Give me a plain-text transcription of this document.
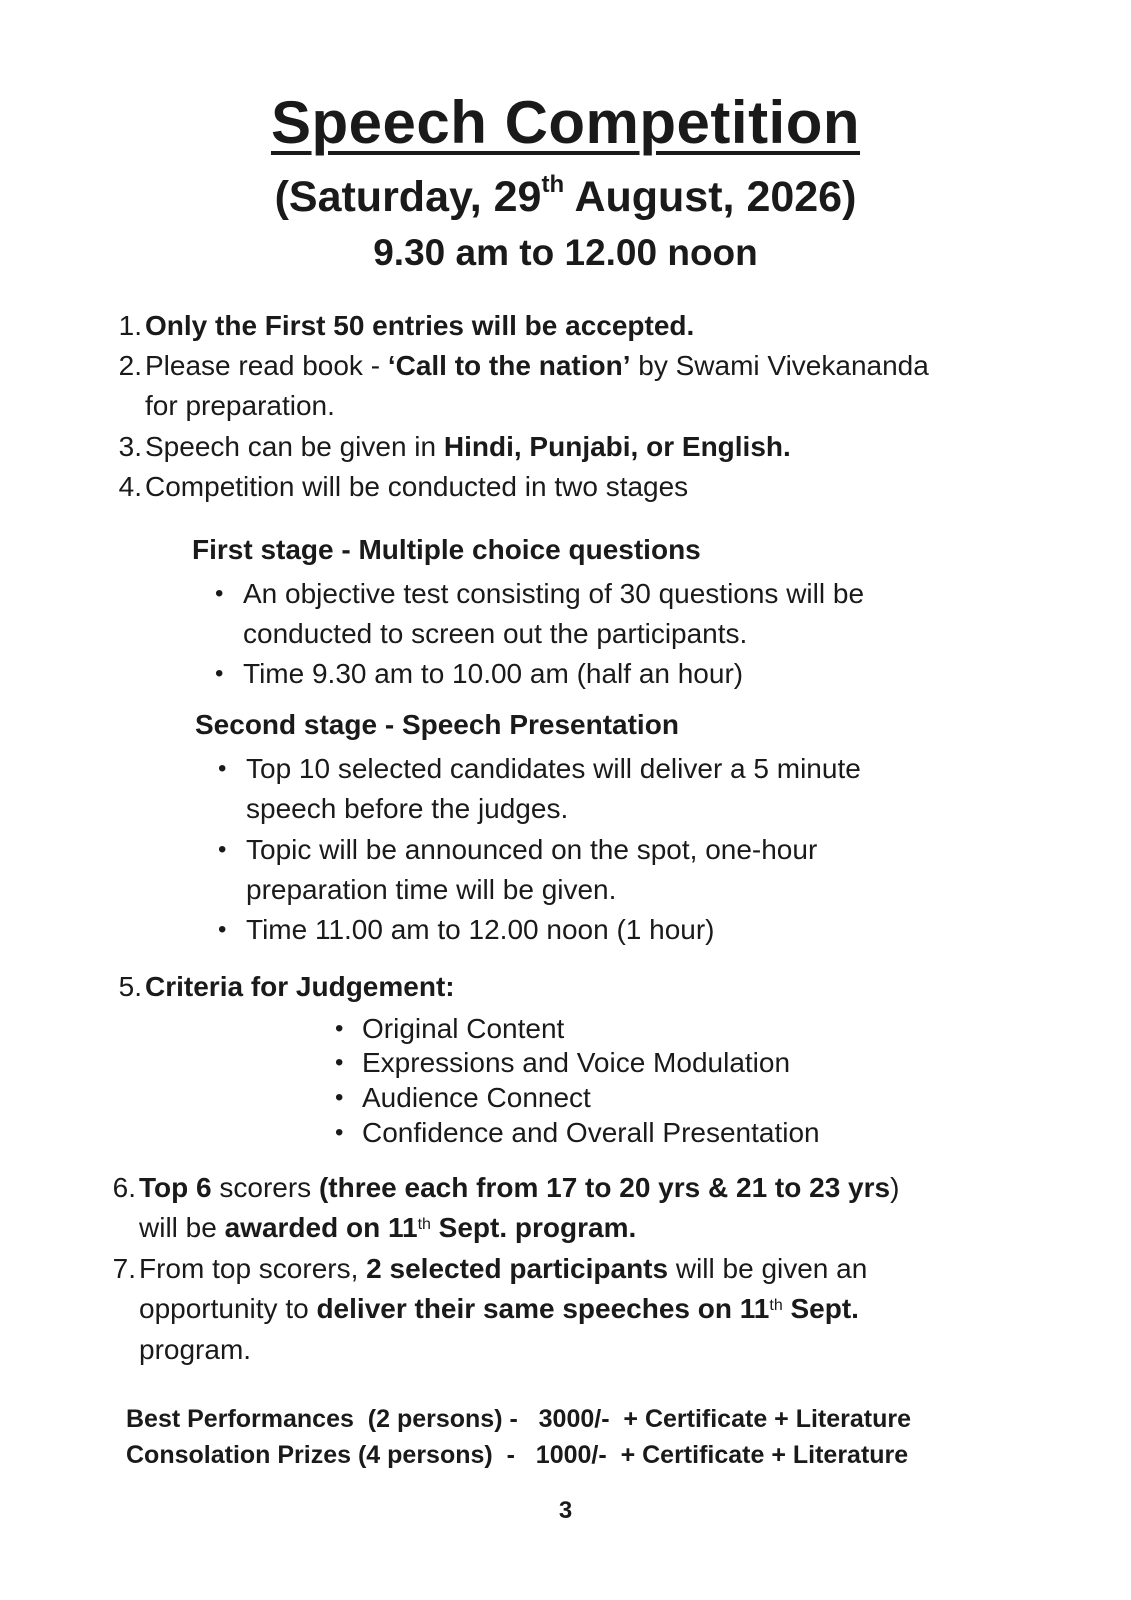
Speech Competition
(Saturday, 29th August, 2026)
9.30 am to 12.00 noon
1. Only the First 50 entries will be accepted.
2. Please read book - ‘Call to the nation’ by Swami Vivekananda
for preparation.
3. Speech can be given in Hindi, Punjabi, or English.
4. Competition will be conducted in two stages
First stage - Multiple choice questions
• An objective test consisting of 30 questions will be
conducted to screen out the participants.
• Time 9.30 am to 10.00 am (half an hour)
Second stage - Speech Presentation
• Top 10 selected candidates will deliver a 5 minute
speech before the judges.
• Topic will be announced on the spot, one-hour
preparation time will be given.
• Time 11.00 am to 12.00 noon (1 hour)
5. Criteria for Judgement:
• Original Content
• Expressions and Voice Modulation
• Audience Connect
• Confidence and Overall Presentation
6. Top 6 scorers (three each from 17 to 20 yrs & 21 to 23 yrs)
will be awarded on 11th Sept. program.
7. From top scorers, 2 selected participants will be given an
opportunity to deliver their same speeches on 11th Sept.
program.
Best Performances  (2 persons) -   3000/-  + Certificate + Literature
Consolation Prizes (4 persons)  -   1000/-  + Certificate + Literature
3
